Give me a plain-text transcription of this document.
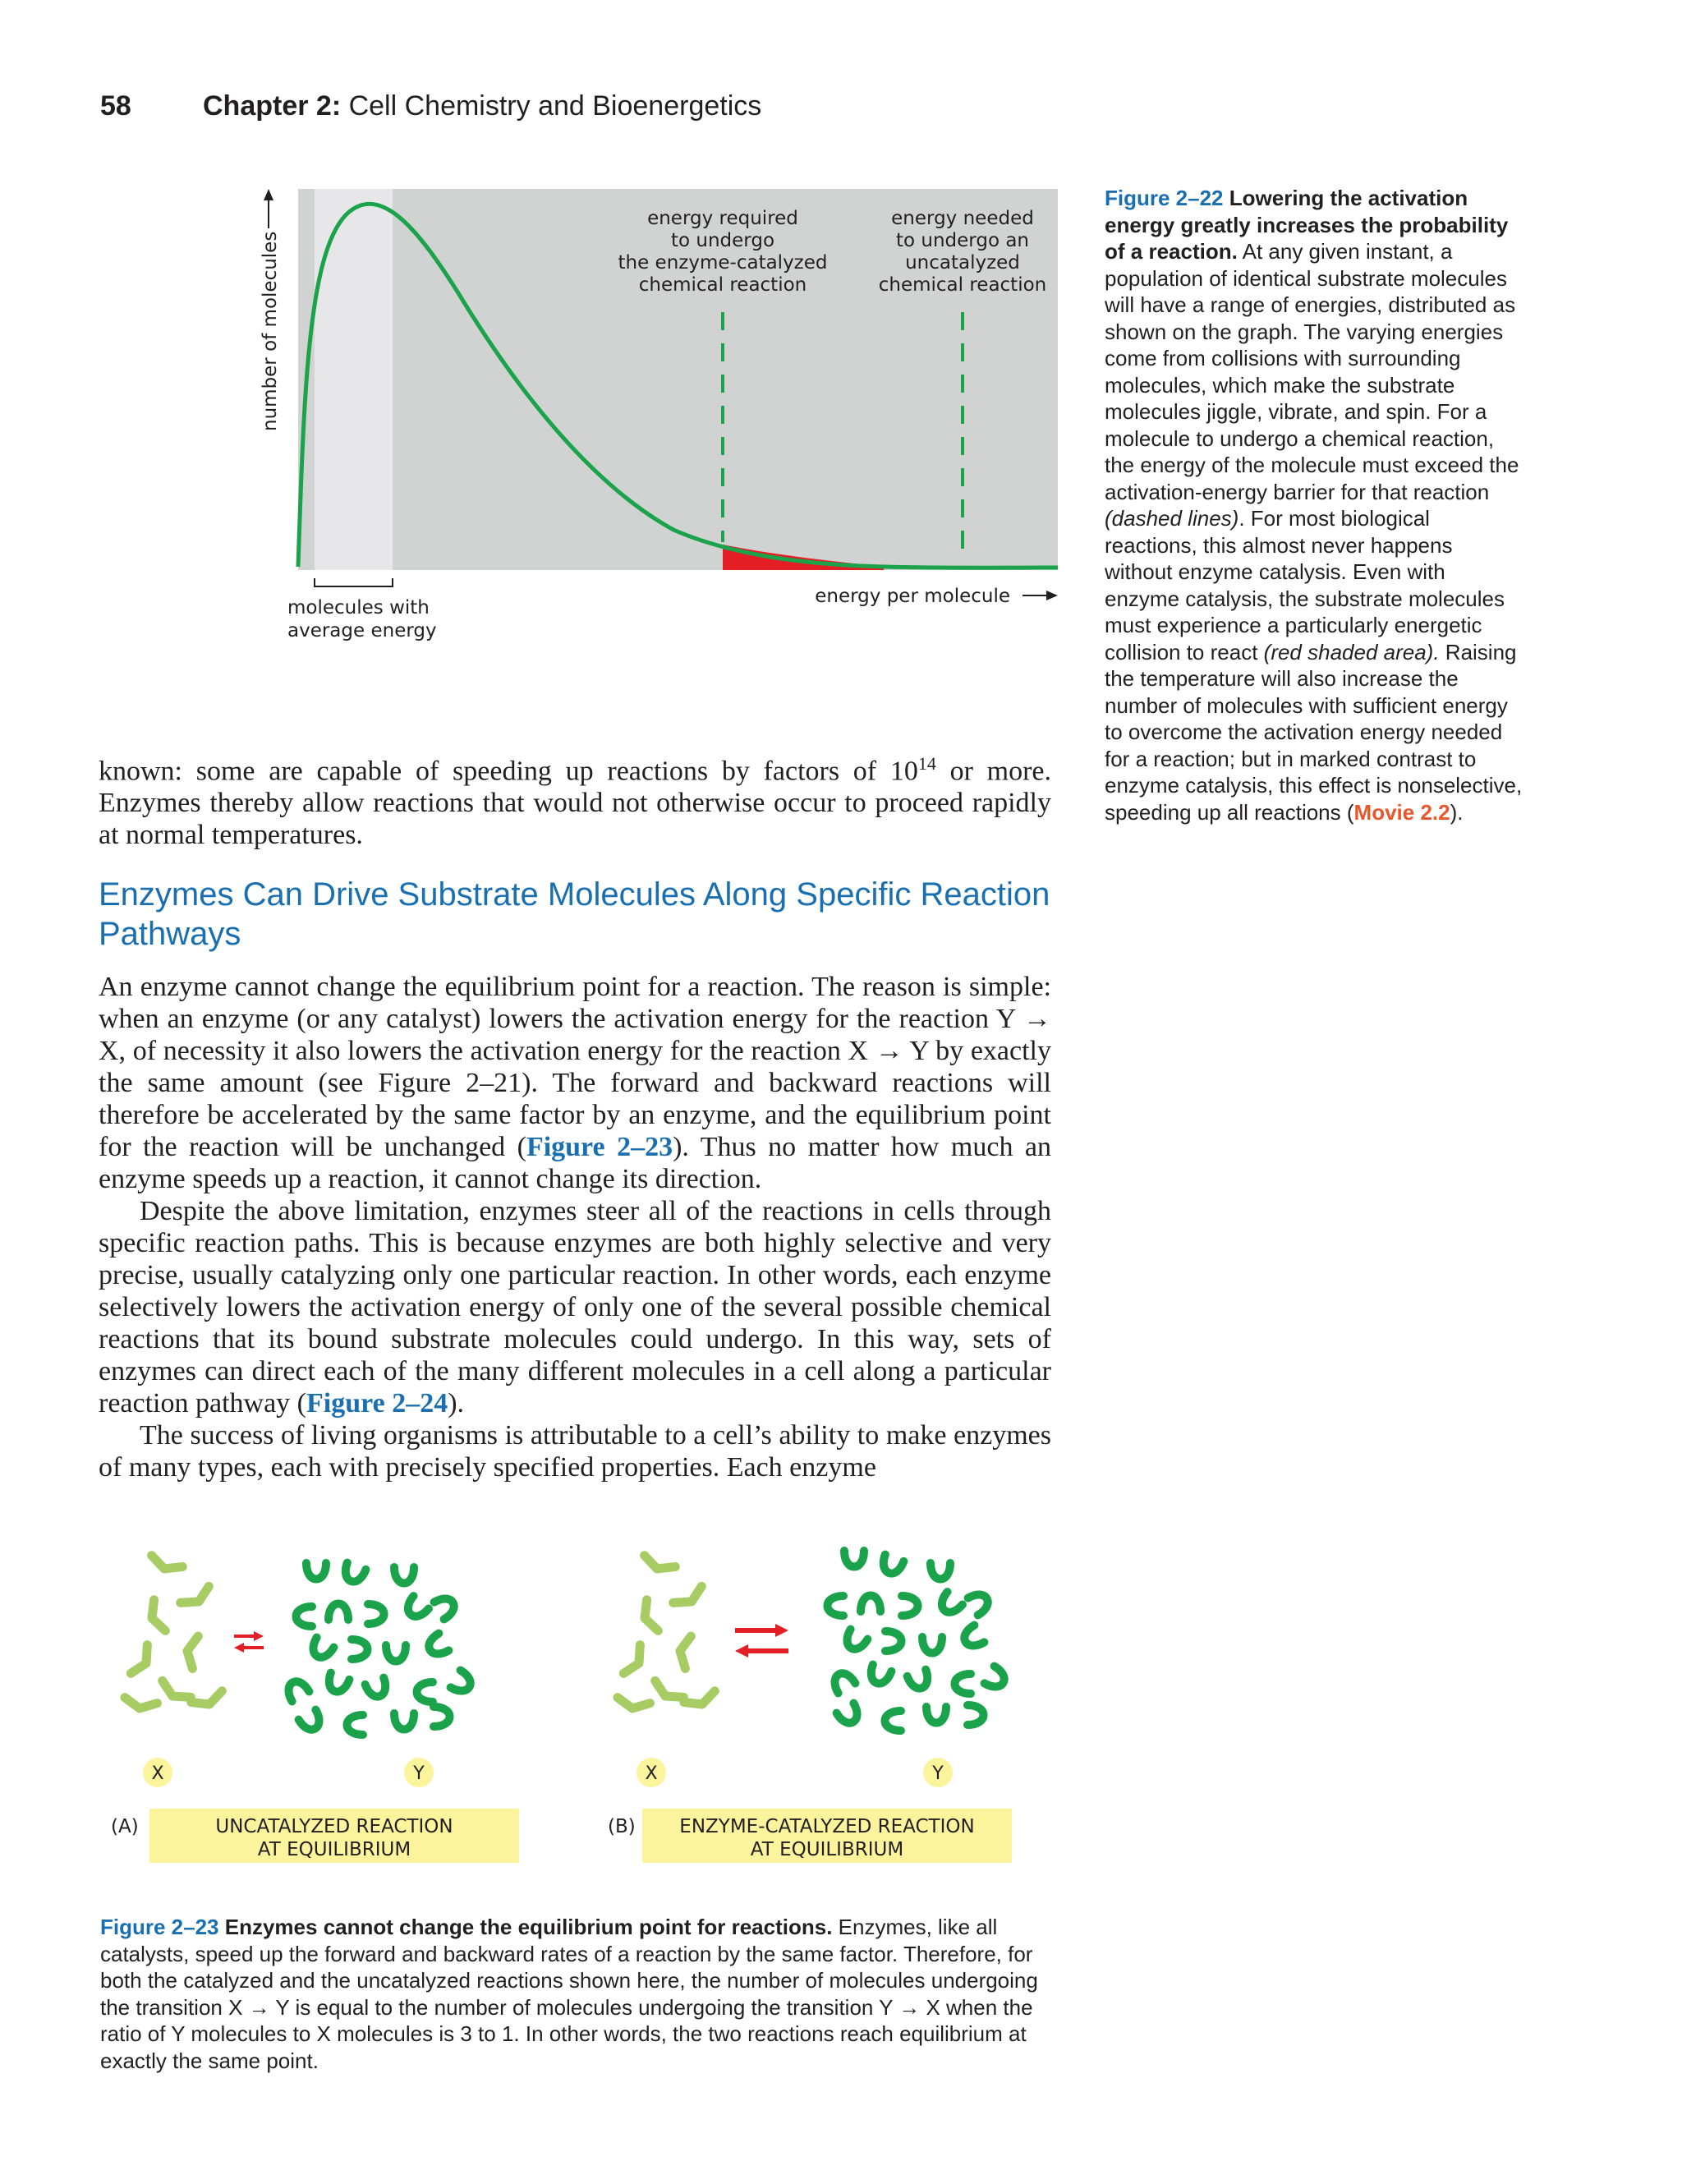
58	Chapter 2: Cell Chemistry and Bioenergetics
energy required
to undergo
the enzyme-catalyzed
chemical reaction
energy needed
to undergo an
uncatalyzed
chemical reaction
number of molecules
molecules with
average energy
energy per molecule
Figure 2–22 Lowering the activation energy greatly increases the probability of a reaction. At any given instant, a population of identical substrate molecules will have a range of energies, distributed as shown on the graph. The varying energies come from collisions with surrounding molecules, which make the substrate molecules jiggle, vibrate, and spin. For a molecule to undergo a chemical reaction, the energy of the molecule must exceed the activation-energy barrier for that reaction (dashed lines). For most biological reactions, this almost never happens without enzyme catalysis. Even with enzyme catalysis, the substrate molecules must experience a particularly energetic collision to react (red shaded area). Raising the temperature will also increase the number of molecules with sufficient energy to overcome the activation energy needed for a reaction; but in marked contrast to enzyme catalysis, this effect is nonselective, speeding up all reactions (Movie 2.2).

known: some are capable of speeding up reactions by factors of $10^{14}$ or more. Enzymes thereby allow reactions that would not otherwise occur to proceed rapidly at normal temperatures.

Enzymes Can Drive Substrate Molecules Along Specific Reaction Pathways

An enzyme cannot change the equilibrium point for a reaction. The reason is simple: when an enzyme (or any catalyst) lowers the activation energy for the reaction Y → X, of necessity it also lowers the activation energy for the reaction X → Y by exactly the same amount (see Figure 2–21). The forward and backward reactions will therefore be accelerated by the same factor by an enzyme, and the equilibrium point for the reaction will be unchanged (Figure 2–23). Thus no matter how much an enzyme speeds up a reaction, it cannot change its direction.

Despite the above limitation, enzymes steer all of the reactions in cells through specific reaction paths. This is because enzymes are both highly selective and very precise, usually catalyzing only one particular reaction. In other words, each enzyme selectively lowers the activation energy of only one of the several possible chemical reactions that its bound substrate molecules could undergo. In this way, sets of enzymes can direct each of the many different molecules in a cell along a particular reaction pathway (Figure 2–24).

The success of living organisms is attributable to a cell’s ability to make enzymes of many types, each with precisely specified properties. Each enzyme

X	Y
(A)	UNCATALYZED REACTION
AT EQUILIBRIUM
X	Y
(B) ENZYME-CATALYZED REACTION
AT EQUILIBRIUM
Figure 2–23 Enzymes cannot change the equilibrium point for reactions. Enzymes, like all catalysts, speed up the forward and backward rates of a reaction by the same factor. Therefore, for both the catalyzed and the uncatalyzed reactions shown here, the number of molecules undergoing the transition X → Y is equal to the number of molecules undergoing the transition Y → X when the ratio of Y molecules to X molecules is 3 to 1. In other words, the two reactions reach equilibrium at exactly the same point.
